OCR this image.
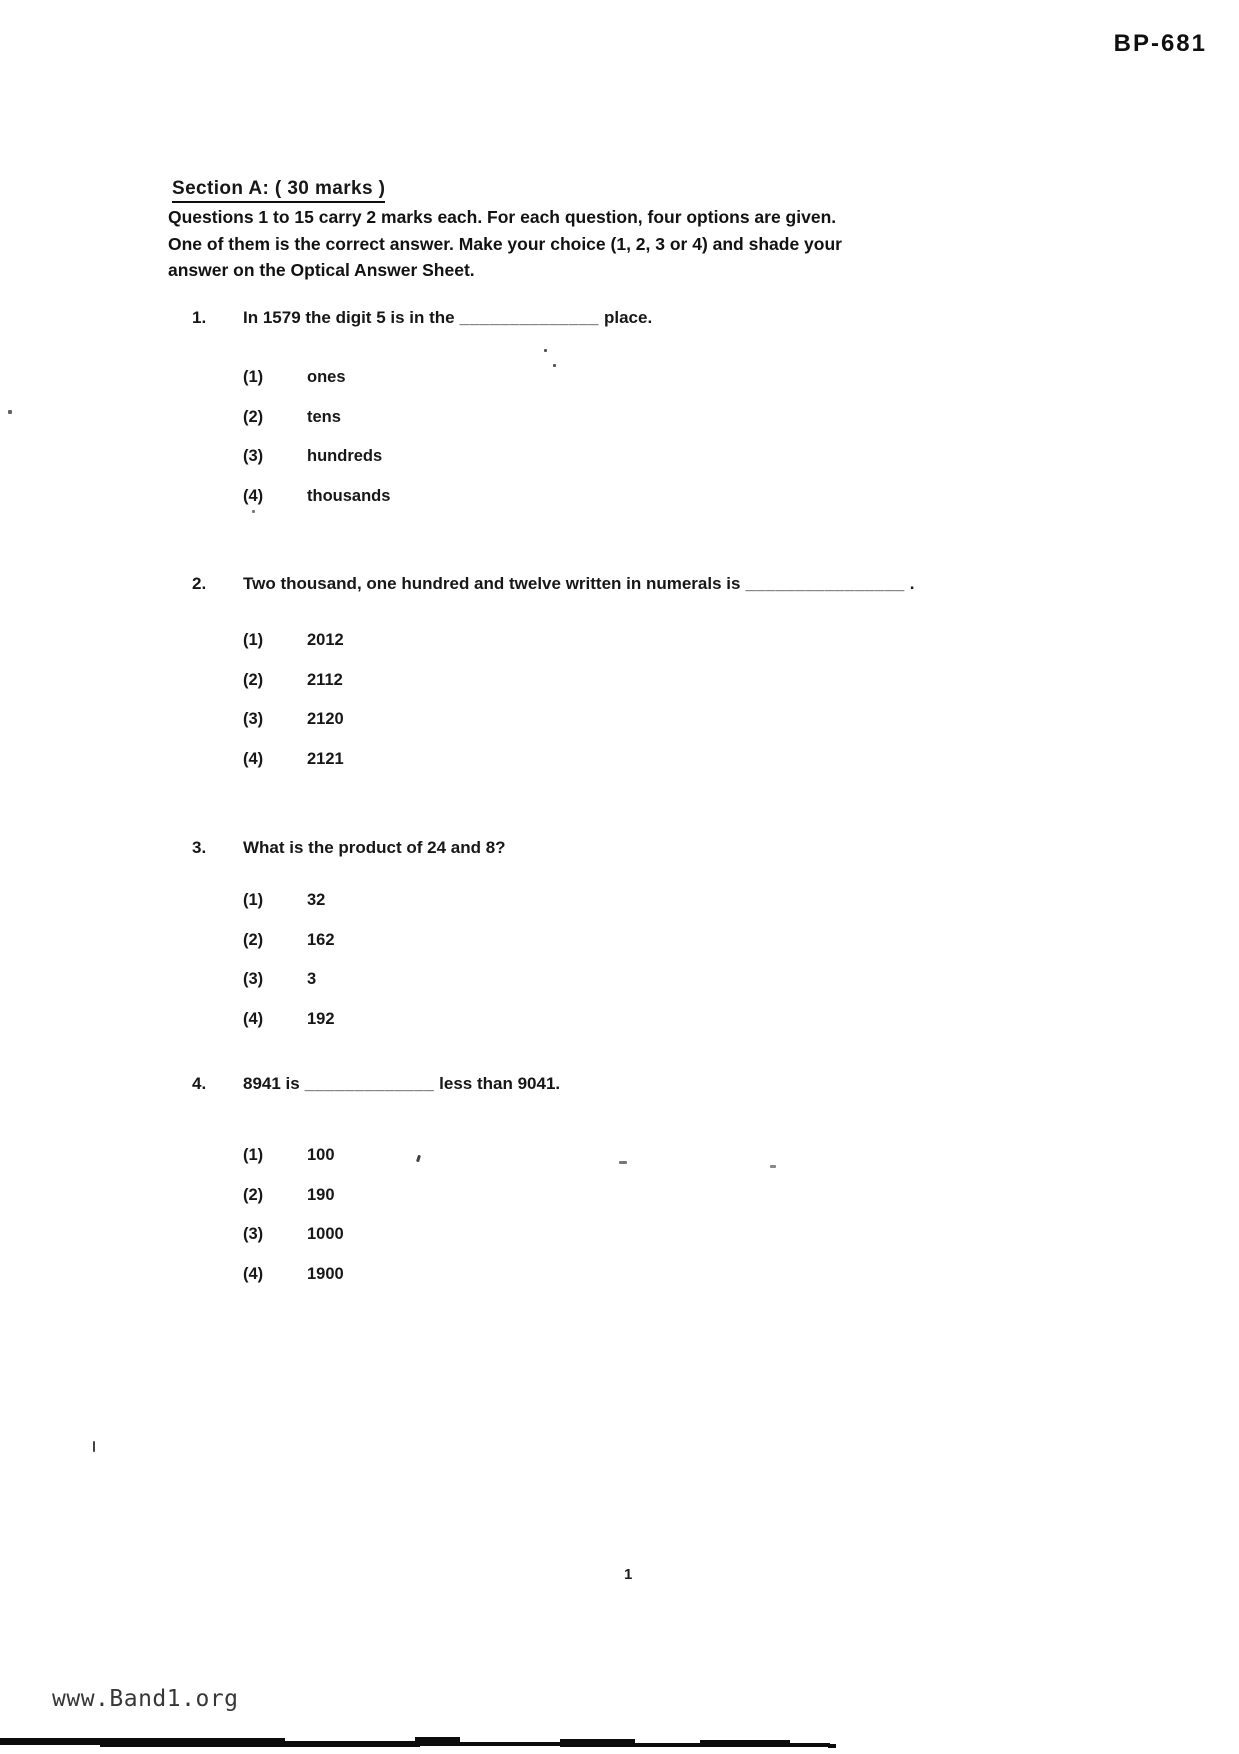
BP-681
Section A: ( 30 marks )
Questions 1 to 15 carry 2 marks each. For each question, four options are given.
One of them is the correct answer. Make your choice (1, 2, 3 or 4) and shade your
answer on the Optical Answer Sheet.
1. In 1579 the digit 5 is in the ______________ place.
(1)	ones
(2)	tens
(3)	hundreds
(4)	thousands
2. Two thousand, one hundred and twelve written in numerals is ________________ .
(1)	2012
(2)	2112
(3)	2120
(4)	2121
3. What is the product of 24 and 8?
(1)	32
(2)	162
(3)	3
(4)	192
4. 8941 is _____________ less than 9041.
(1)	100
(2)	190
(3)	1000
(4)	1900
1
www.Band1.org
